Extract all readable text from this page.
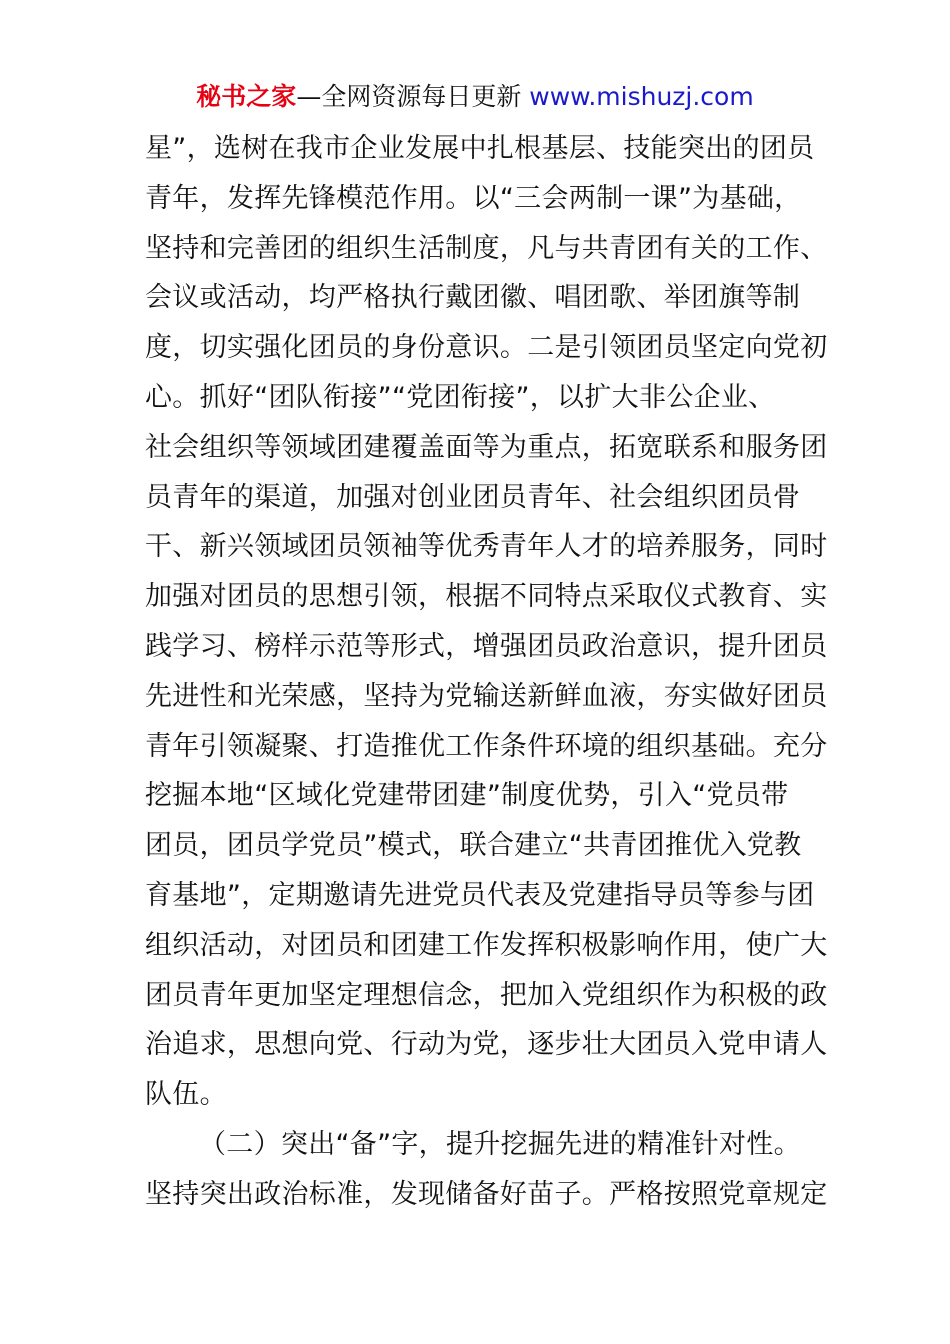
秘书之家—全网资源每日更新 www.mishuzj.com
星”，选树在我市企业发展中扎根基层、技能突出的团员
青年，发挥先锋模范作用。以“三会两制一课”为基础，
坚持和完善团的组织生活制度，凡与共青团有关的工作、
会议或活动，均严格执行戴团徽、唱团歌、举团旗等制
度，切实强化团员的身份意识。二是引领团员坚定向党初
心。抓好“团队衔接”“党团衔接”，以扩大非公企业、
社会组织等领域团建覆盖面等为重点，拓宽联系和服务团
员青年的渠道，加强对创业团员青年、社会组织团员骨
干、新兴领域团员领袖等优秀青年人才的培养服务，同时
加强对团员的思想引领，根据不同特点采取仪式教育、实
践学习、榜样示范等形式，增强团员政治意识，提升团员
先进性和光荣感，坚持为党输送新鲜血液，夯实做好团员
青年引领凝聚、打造推优工作条件环境的组织基础。充分
挖掘本地“区域化党建带团建”制度优势，引入“党员带
团员，团员学党员”模式，联合建立“共青团推优入党教
育基地”，定期邀请先进党员代表及党建指导员等参与团
组织活动，对团员和团建工作发挥积极影响作用，使广大
团员青年更加坚定理想信念，把加入党组织作为积极的政
治追求，思想向党、行动为党，逐步壮大团员入党申请人
队伍。
（二）突出“备”字，提升挖掘先进的精准针对性。
坚持突出政治标准，发现储备好苗子。严格按照党章规定
